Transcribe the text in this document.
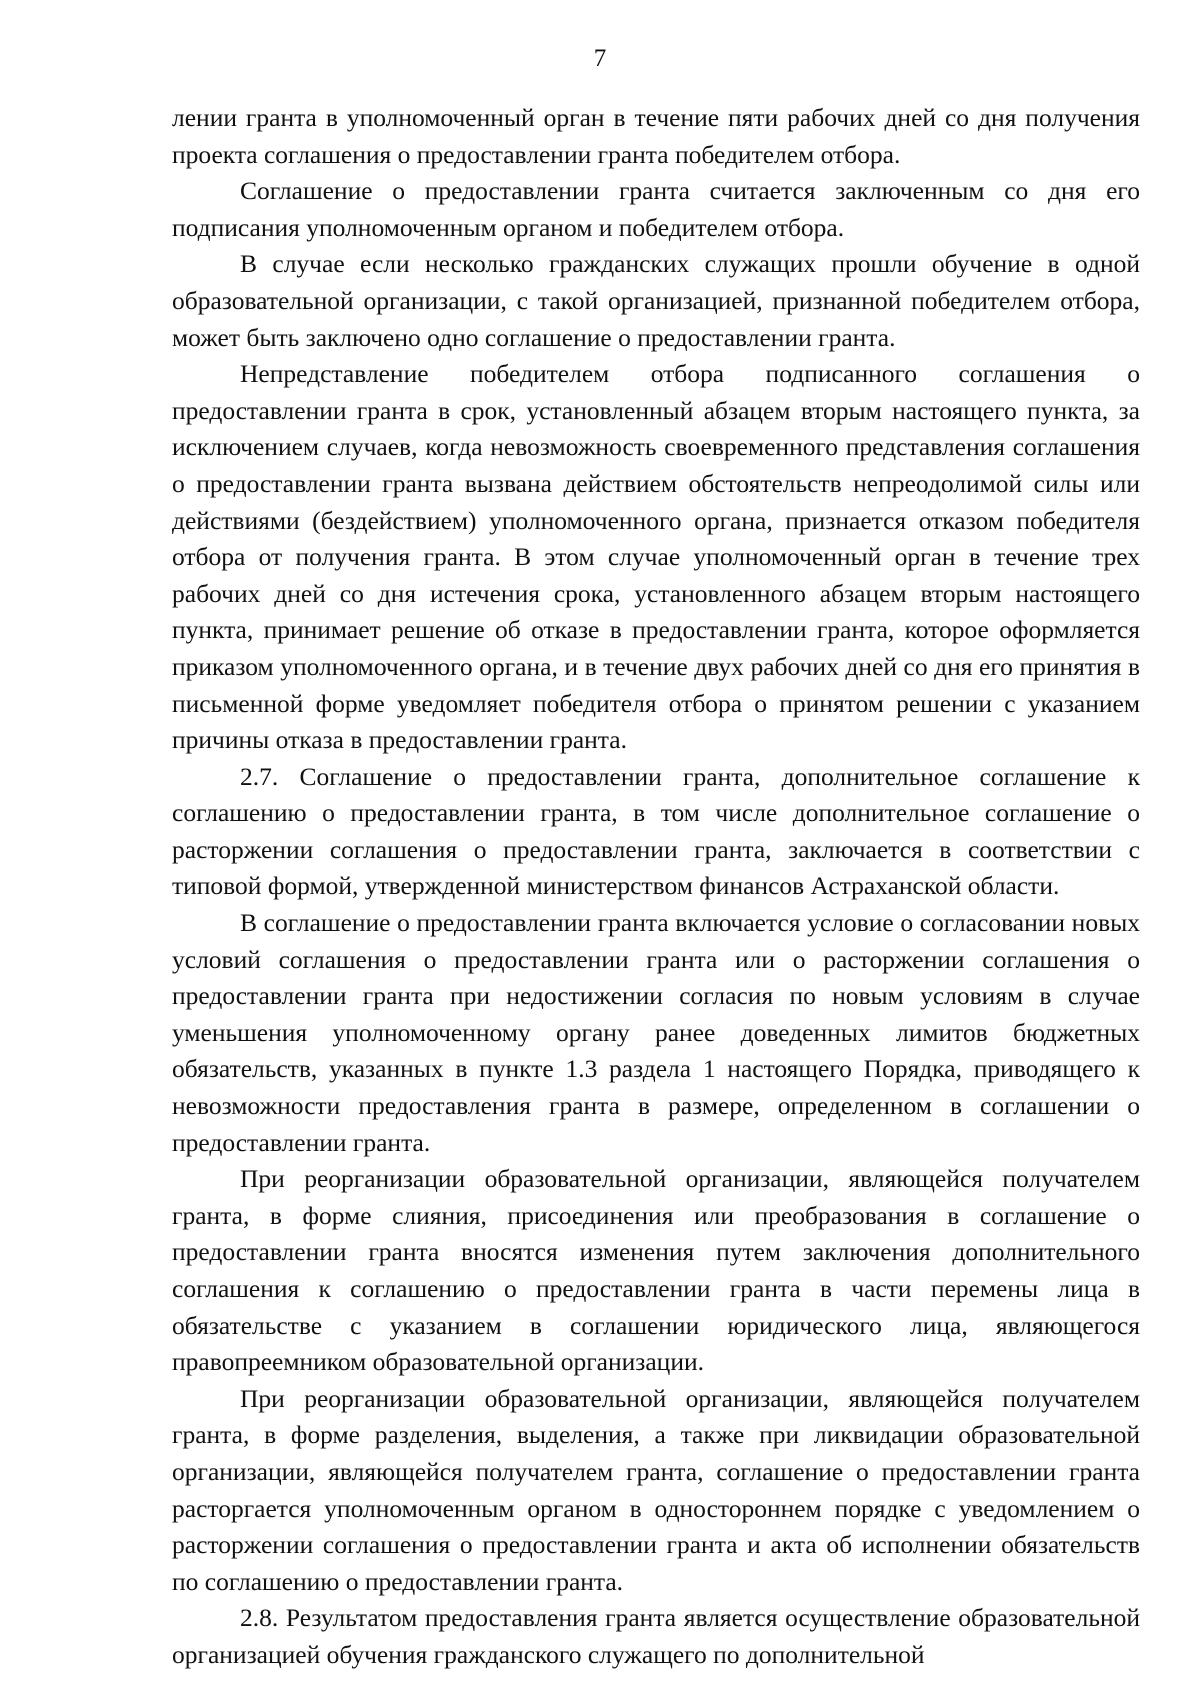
7

лении гранта в уполномоченный орган в течение пяти рабочих дней со дня получения проекта соглашения о предоставлении гранта победителем отбора.

Соглашение о предоставлении гранта считается заключенным со дня его подписания уполномоченным органом и победителем отбора.

В случае если несколько гражданских служащих прошли обучение в одной образовательной организации, с такой организацией, признанной победителем отбора, может быть заключено одно соглашение о предоставлении гранта.

Непредставление победителем отбора подписанного соглашения о предоставлении гранта в срок, установленный абзацем вторым настоящего пункта, за исключением случаев, когда невозможность своевременного представления соглашения о предоставлении гранта вызвана действием обстоятельств непреодолимой силы или действиями (бездействием) уполномоченного органа, признается отказом победителя отбора от получения гранта. В этом случае уполномоченный орган в течение трех рабочих дней со дня истечения срока, установленного абзацем вторым настоящего пункта, принимает решение об отказе в предоставлении гранта, которое оформляется приказом уполномоченного органа, и в течение двух рабочих дней со дня его принятия в письменной форме уведомляет победителя отбора о принятом решении с указанием причины отказа в предоставлении гранта.

2.7. Соглашение о предоставлении гранта, дополнительное соглашение к соглашению о предоставлении гранта, в том числе дополнительное соглашение о расторжении соглашения о предоставлении гранта, заключается в соответствии с типовой формой, утвержденной министерством финансов Астраханской области.

В соглашение о предоставлении гранта включается условие о согласовании новых условий соглашения о предоставлении гранта или о расторжении соглашения о предоставлении гранта при недостижении согласия по новым условиям в случае уменьшения уполномоченному органу ранее доведенных лимитов бюджетных обязательств, указанных в пункте 1.3 раздела 1 настоящего Порядка, приводящего к невозможности предоставления гранта в размере, определенном в соглашении о предоставлении гранта.

При реорганизации образовательной организации, являющейся получателем гранта, в форме слияния, присоединения или преобразования в соглашение о предоставлении гранта вносятся изменения путем заключения дополнительного соглашения к соглашению о предоставлении гранта в части перемены лица в обязательстве с указанием в соглашении юридического лица, являющегося правопреемником образовательной организации.

При реорганизации образовательной организации, являющейся получателем гранта, в форме разделения, выделения, а также при ликвидации образовательной организации, являющейся получателем гранта, соглашение о предоставлении гранта расторгается уполномоченным органом в одностороннем порядке с уведомлением о расторжении соглашения о предоставлении гранта и акта об исполнении обязательств по соглашению о предоставлении гранта.

2.8. Результатом предоставления гранта является осуществление образовательной организацией обучения гражданского служащего по дополнительной
